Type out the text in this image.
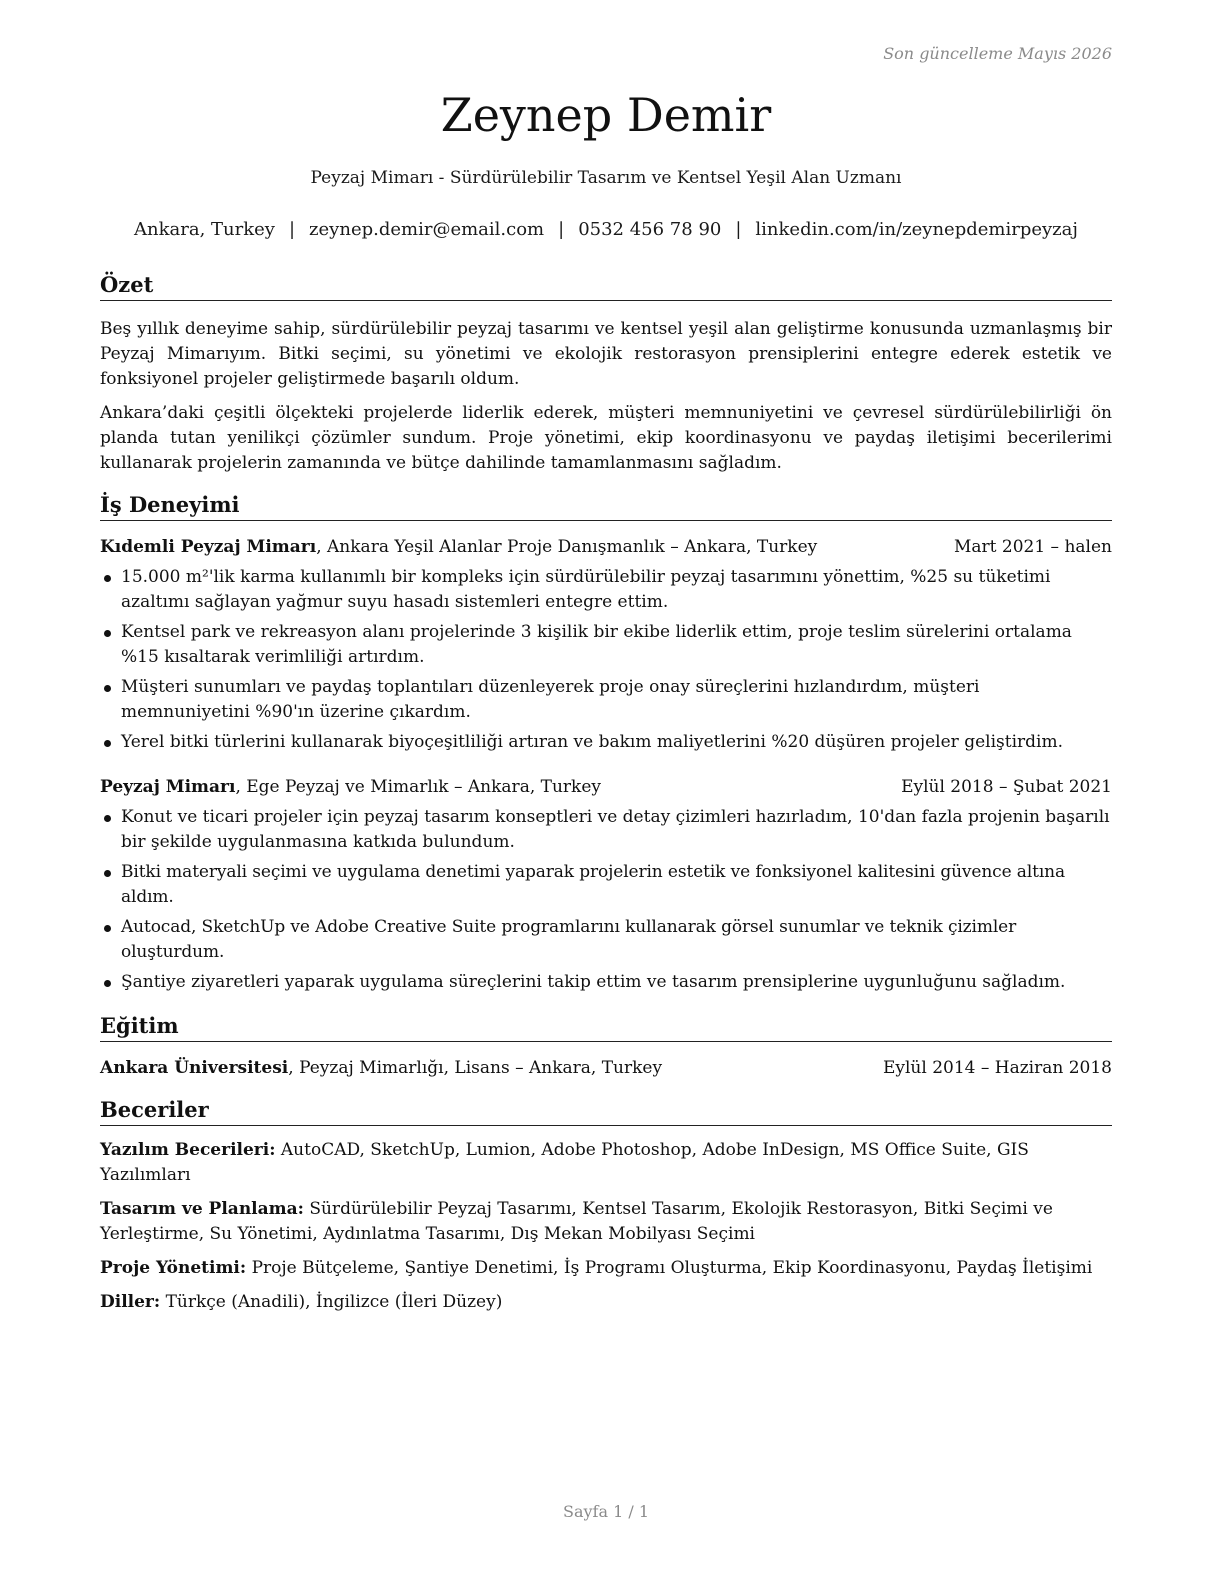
Son güncelleme Mayıs 2026
Zeynep Demir
Peyzaj Mimarı - Sürdürülebilir Tasarım ve Kentsel Yeşil Alan Uzmanı
Ankara, Turkey | zeynep.demir@email.com | 0532 456 78 90 | linkedin.com/in/zeynepdemirpeyzaj
Özet

Beş yıllık deneyime sahip, sürdürülebilir peyzaj tasarımı ve kentsel yeşil alan geliştirme konusunda uzmanlaşmış bir Peyzaj Mimarıyım. Bitki seçimi, su yönetimi ve ekolojik restorasyon prensiplerini entegre ederek estetik ve fonksiyonel projeler geliştirmede başarılı oldum.

Ankara’daki çeşitli ölçekteki projelerde liderlik ederek, müşteri memnuniyetini ve çevresel sürdürülebilirliği ön planda tutan yenilikçi çözümler sundum. Proje yönetimi, ekip koordinasyonu ve paydaş iletişimi becerilerimi kullanarak projelerin zamanında ve bütçe dahilinde tamamlanmasını sağladım.

İş Deneyimi
Kıdemli Peyzaj Mimarı, Ankara Yeşil Alanlar Proje Danışmanlık – Ankara, Turkey	Mart 2021 – halen
15.000 m²'lik karma kullanımlı bir kompleks için sürdürülebilir peyzaj tasarımını yönettim, %25 su tüketimi azaltımı sağlayan yağmur suyu hasadı sistemleri entegre ettim.
Kentsel park ve rekreasyon alanı projelerinde 3 kişilik bir ekibe liderlik ettim, proje teslim sürelerini ortalama %15 kısaltarak verimliliği artırdım.
Müşteri sunumları ve paydaş toplantıları düzenleyerek proje onay süreçlerini hızlandırdım, müşteri memnuniyetini %90'ın üzerine çıkardım.
Yerel bitki türlerini kullanarak biyoçeşitliliği artıran ve bakım maliyetlerini %20 düşüren projeler geliştirdim.
Peyzaj Mimarı, Ege Peyzaj ve Mimarlık – Ankara, Turkey	Eylül 2018 – Şubat 2021
Konut ve ticari projeler için peyzaj tasarım konseptleri ve detay çizimleri hazırladım, 10'dan fazla projenin başarılı bir şekilde uygulanmasına katkıda bulundum.
Bitki materyali seçimi ve uygulama denetimi yaparak projelerin estetik ve fonksiyonel kalitesini güvence altına aldım.
Autocad, SketchUp ve Adobe Creative Suite programlarını kullanarak görsel sunumlar ve teknik çizimler oluşturdum.
Şantiye ziyaretleri yaparak uygulama süreçlerini takip ettim ve tasarım prensiplerine uygunluğunu sağladım.
Eğitim
Ankara Üniversitesi, Peyzaj Mimarlığı, Lisans – Ankara, Turkey	Eylül 2014 – Haziran 2018
Beceriler
Yazılım Becerileri: AutoCAD, SketchUp, Lumion, Adobe Photoshop, Adobe InDesign, MS Office Suite, GIS Yazılımları
Tasarım ve Planlama: Sürdürülebilir Peyzaj Tasarımı, Kentsel Tasarım, Ekolojik Restorasyon, Bitki Seçimi ve Yerleştirme, Su Yönetimi, Aydınlatma Tasarımı, Dış Mekan Mobilyası Seçimi
Proje Yönetimi: Proje Bütçeleme, Şantiye Denetimi, İş Programı Oluşturma, Ekip Koordinasyonu, Paydaş İletişimi
Diller: Türkçe (Anadili), İngilizce (İleri Düzey)
Sayfa 1 / 1
